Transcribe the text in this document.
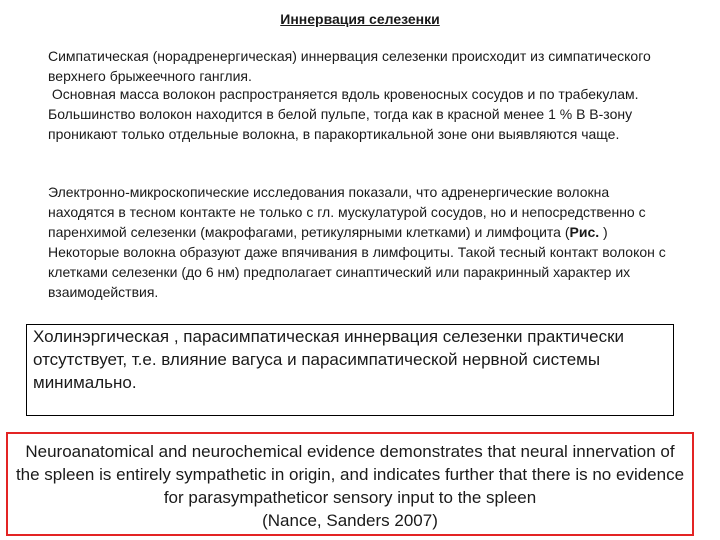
Иннервация селезенки

Симпатическая (норадренергическая) иннервация селезенки происходит из симпатического верхнего брыжеечного ганглия.

Основная масса волокон распространяется вдоль кровеносных сосудов и по трабекулам. Большинство волокон находится в белой пульпе, тогда как в красной менее 1 % В В-зону проникают только отдельные волокна, в паракортикальной зоне они выявляются чаще.

Электронно-микроскопические исследования показали, что адренергические волокна находятся в тесном контакте не только с гл. мускулатурой сосудов, но и непосредственно с паренхимой селезенки (макрофагами, ретикулярными клетками) и лимфоцита (Рис. ) Некоторые волокна образуют даже впячивания в лимфоциты. Такой тесный контакт волокон с клетками селезенки (до 6 нм) предполагает синаптический или паракринный характер их взаимодействия.

Холинэргическая , парасимпатическая иннервация селезенки практически отсутствует, т.е. влияние вагуса и парасимпатической нервной системы минимально.

Neuroanatomical and neurochemical evidence demonstrates that neural innervation of the spleen is entirely sympathetic in origin, and indicates further that there is no evidence for parasympatheticor sensory input to the spleen

(Nance, Sanders 2007)
